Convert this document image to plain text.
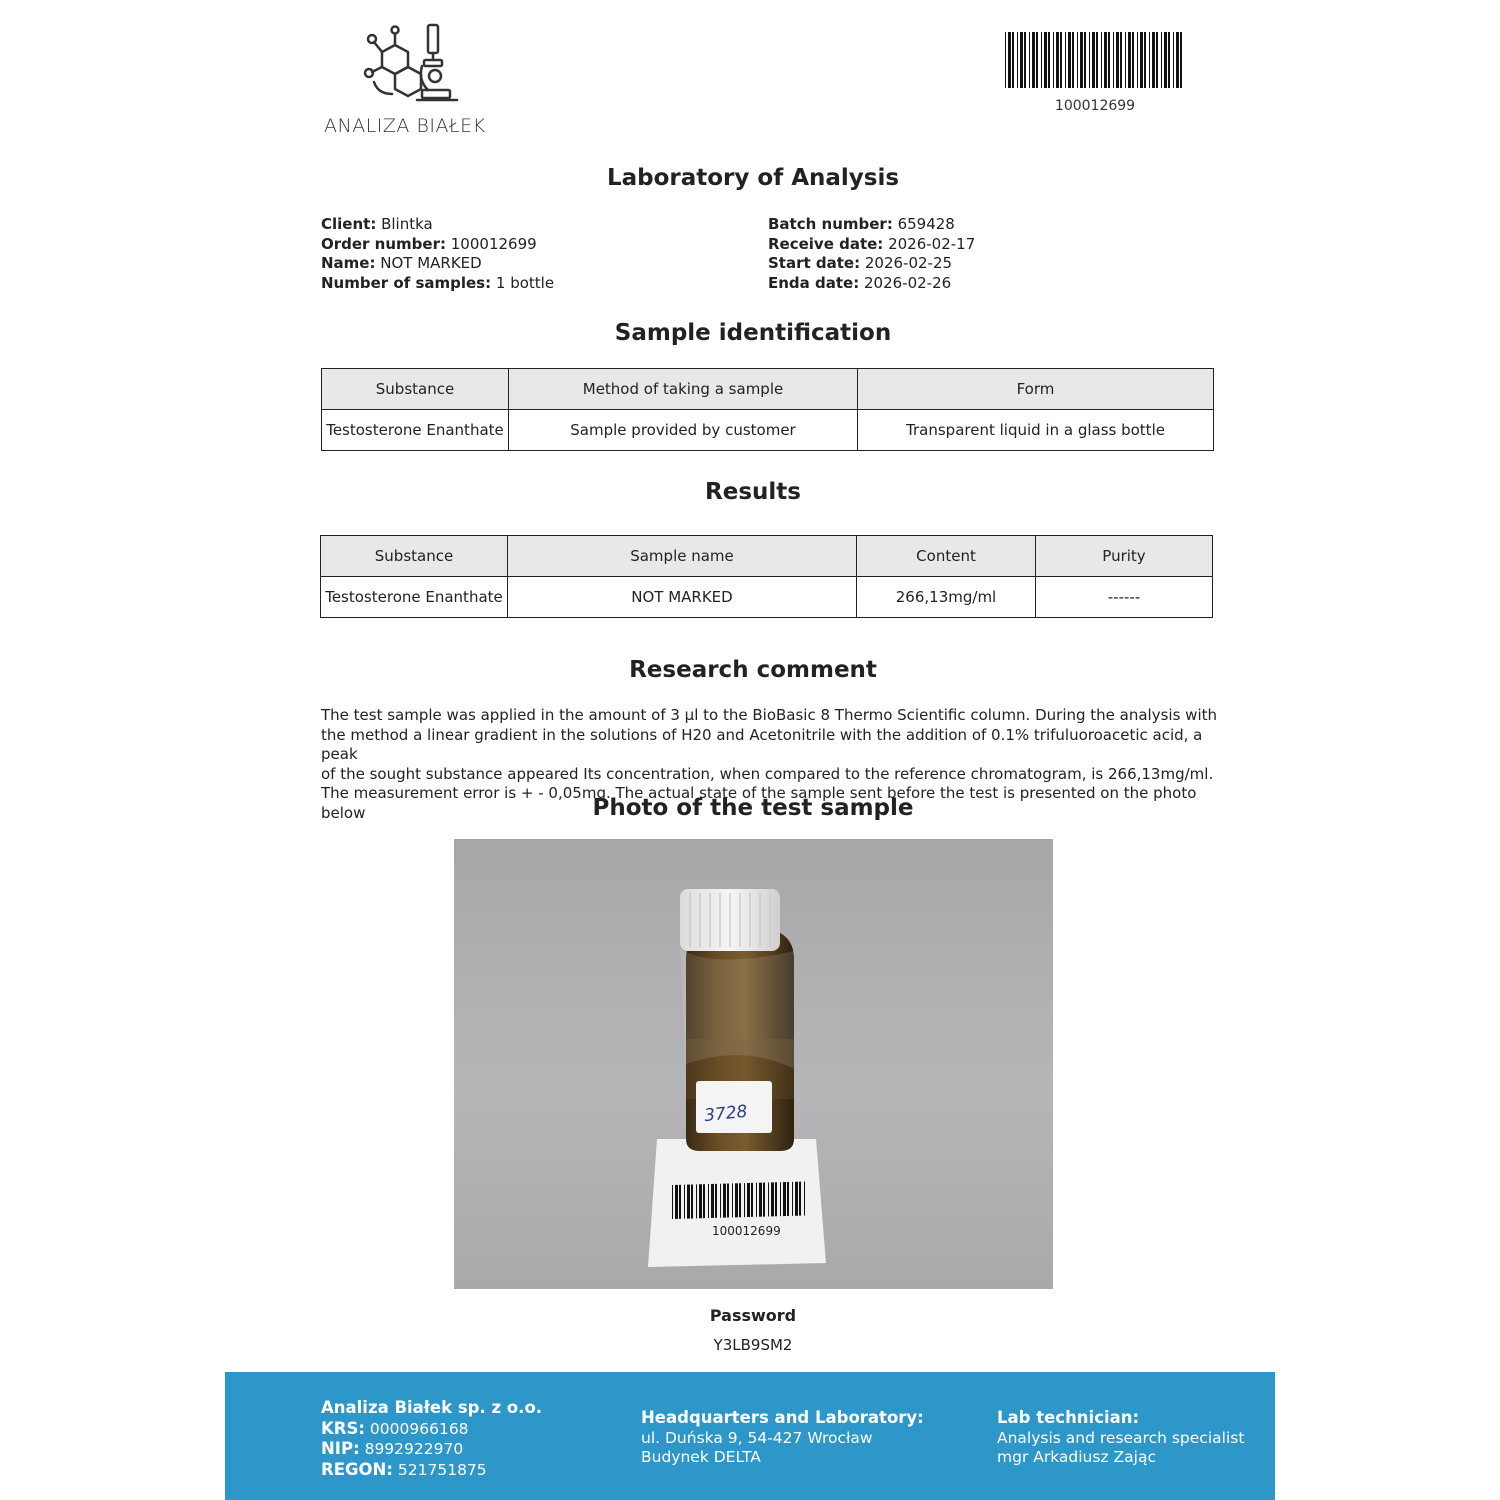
ANALIZA BIAŁEK
100012699
Laboratory of Analysis
Client: Blintka
Order number: 100012699
Name: NOT MARKED
Number of samples: 1 bottle
Batch number: 659428
Receive date: 2026-02-17
Start date: 2026-02-25
Enda date: 2026-02-26
Sample identification
Substance	Method of taking a sample	Form
Testosterone Enanthate	Sample provided by customer	Transparent liquid in a glass bottle
Results
Substance	Sample name	Content	Purity
Testosterone Enanthate	NOT MARKED	266,13mg/ml	------
Research comment
The test sample was applied in the amount of 3 µl to the BioBasic 8 Thermo Scientific column. During the analysis with
the method a linear gradient in the solutions of H20 and Acetonitrile with the addition of 0.1% trifuluoroacetic acid, a peak
of the sought substance appeared Its concentration, when compared to the reference chromatogram, is 266,13mg/ml.
The measurement error is + - 0,05mg. The actual state of the sample sent before the test is presented on the photo below	Photo of the test sample
3728
100012699
Password
Y3LB9SM2
Analiza Białek sp. z o.o.
KRS: 0000966168
NIP: 8992922970
REGON: 521751875
Headquarters and Laboratory:
ul. Duńska 9, 54-427 Wrocław
Budynek DELTA
Lab technician:
Analysis and research specialist
mgr Arkadiusz Zając
